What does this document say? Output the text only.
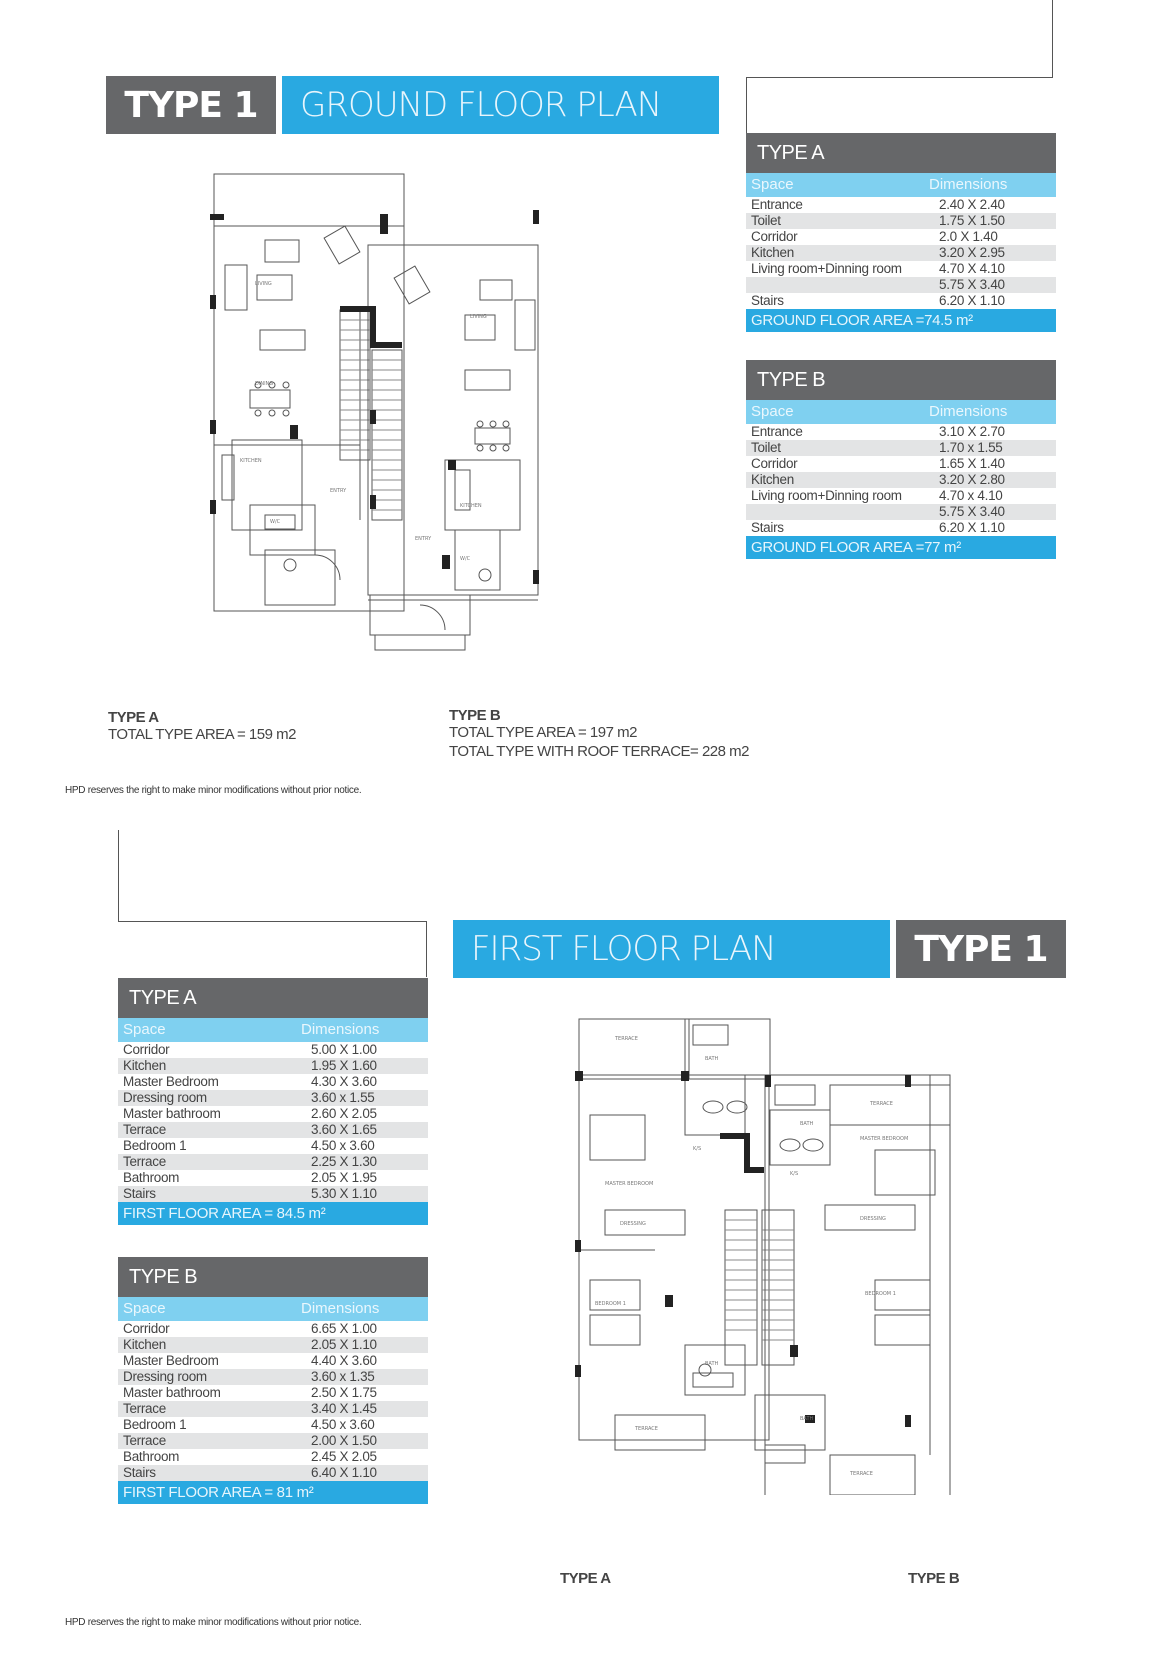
TYPE 1	GROUND FLOOR PLAN
TYPE A
Space	Dimensions
Entrance	2.40 X 2.40
Toilet	1.75 X 1.50
Corridor	2.0 X 1.40
Kitchen	3.20 X 2.95
Living room+Dinning room	4.70 X 4.10
5.75 X 3.40
Stairs	6.20 X 1.10
GROUND FLOOR AREA =74.5 m²
TYPE B
Space	Dimensions
Entrance	3.10 X 2.70
Toilet	1.70 x 1.55
Corridor	1.65 X 1.40
Kitchen	3.20 X 2.80
Living room+Dinning room	4.70 x 4.10
5.75 X 3.40
Stairs	6.20 X 1.10
GROUND FLOOR AREA =77 m²
LIVING
DINING
KITCHEN
W/C
ENTRY
LIVING
KITCHEN
W/C
ENTRY
TYPE A
TOTAL TYPE AREA = 159 m2
TYPE B
TOTAL TYPE AREA = 197 m2
TOTAL TYPE WITH ROOF TERRACE= 228 m2
HPD reserves the right to make minor modifications without prior notice.
FIRST FLOOR PLAN	TYPE 1
TYPE A
Space	Dimensions
Corridor	5.00 X 1.00
Kitchen	1.95 X 1.60
Master Bedroom	4.30 X 3.60
Dressing room	3.60 x 1.55
Master bathroom	2.60 X 2.05
Terrace	3.60 X 1.65
Bedroom 1	4.50 x 3.60
Terrace	2.25 X 1.30
Bathroom	2.05 X 1.95
Stairs	5.30 X 1.10
FIRST FLOOR AREA = 84.5 m²
TYPE B
Space	Dimensions
Corridor	6.65 X 1.00
Kitchen	2.05 X 1.10
Master Bedroom	4.40 X 3.60
Dressing room	3.60 x 1.35
Master bathroom	2.50 X 1.75
Terrace	3.40 X 1.45
Bedroom 1	4.50 x 3.60
Terrace	2.00 X 1.50
Bathroom	2.45 X 2.05
Stairs	6.40 X 1.10
FIRST FLOOR AREA = 81 m²
TERRACE
BATH
MASTER BEDROOM
DRESSING
K/S
BEDROOM 1
BATH
TERRACE
TERRACE
MASTER BEDROOM
BATH
K/S
DRESSING
BEDROOM 1
BATH
TERRACE
TYPE A	TYPE B
HPD reserves the right to make minor modifications without prior notice.
